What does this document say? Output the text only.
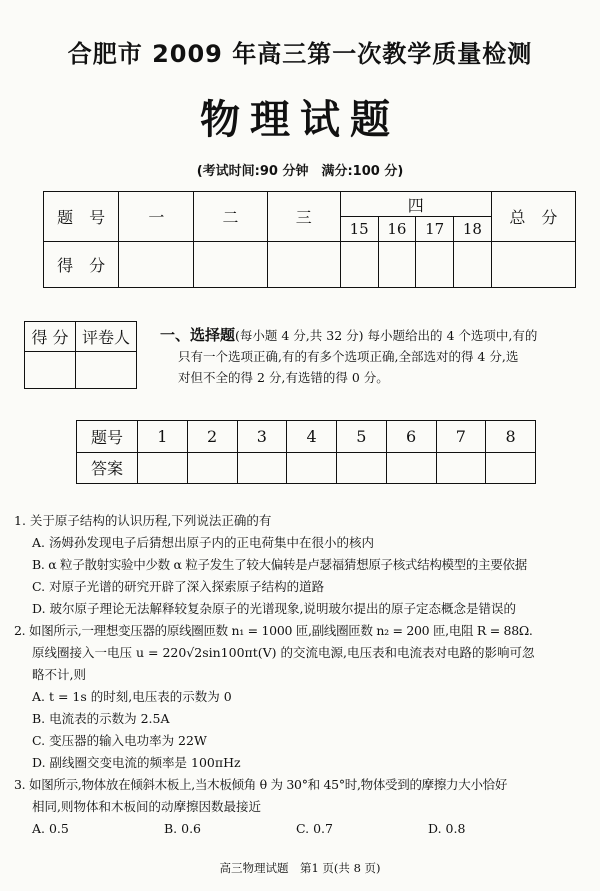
合肥市 2009 年高三第一次教学质量检测
物理试题
(考试时间:90 分钟　满分:100 分)
题　号	一	二	三	四				总　分
				15	16	17	18	
得　分								
得 分	评卷人
	一、选择题(每小题 4 分,共 32 分) 每小题给出的 4 个选项中,有的
只有一个选项正确,有的有多个选项正确,全部选对的得 4 分,选
对但不全的得 2 分,有选错的得 0 分。
题号	1	2	3	4	5	6	7	8
答案								
1. 关于原子结构的认识历程,下列说法正确的有
A. 汤姆孙发现电子后猜想出原子内的正电荷集中在很小的核内
B. α 粒子散射实验中少数 α 粒子发生了较大偏转是卢瑟福猜想原子核式结构模型的主要依据
C. 对原子光谱的研究开辟了深入探索原子结构的道路
D. 玻尔原子理论无法解释较复杂原子的光谱现象,说明玻尔提出的原子定态概念是错误的
2. 如图所示,一理想变压器的原线圈匝数 n₁ = 1000 匝,副线圈匝数 n₂ = 200 匝,电阻 R = 88Ω.
原线圈接入一电压 u = 220√2sin100πt(V) 的交流电源,电压表和电流表对电路的影响可忽
略不计,则
A. t = 1s 的时刻,电压表的示数为 0
B. 电流表的示数为 2.5A
C. 变压器的输入电功率为 22W
D. 副线圈交变电流的频率是 100πHz
3. 如图所示,物体放在倾斜木板上,当木板倾角 θ 为 30°和 45°时,物体受到的摩擦力大小恰好
相同,则物体和木板间的动摩擦因数最接近
A. 0.5	B. 0.6	C. 0.7	D. 0.8
高三物理试题　第1 页(共 8 页)
